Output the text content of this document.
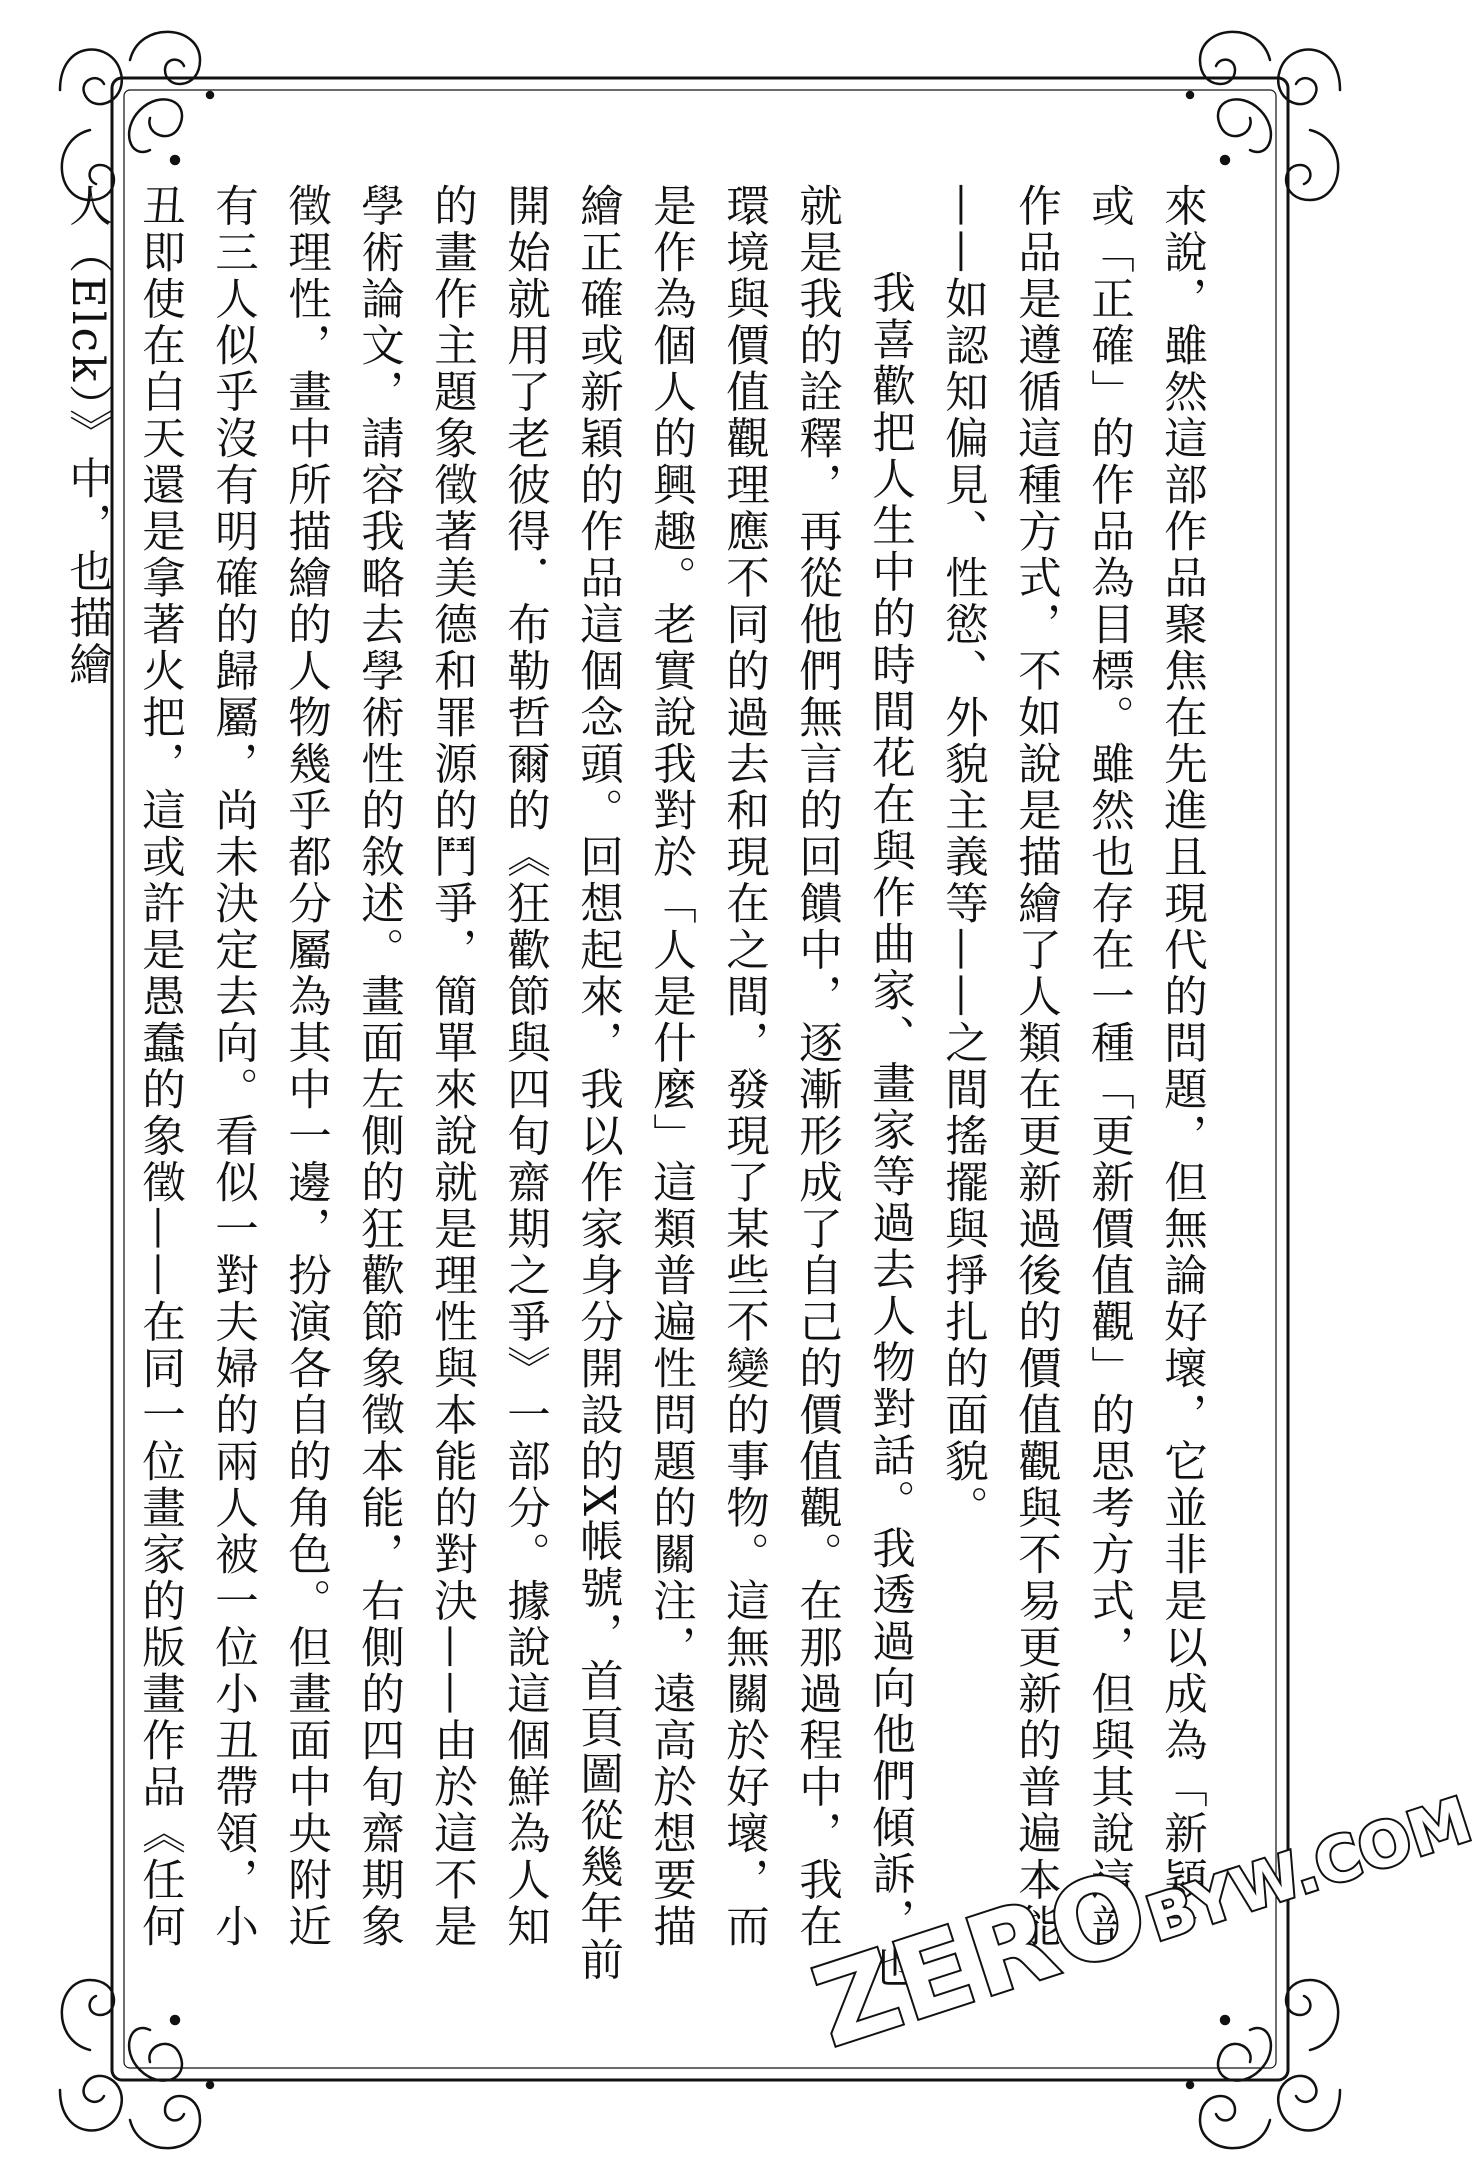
來說，雖然這部作品聚焦在先進且現代的問題，但無論好壞，它並非是以成為「新穎」或「正確」的作品為目標。雖然也存在一種「更新價值觀」的思考方式，但與其說這部作品是遵循這種方式，不如說是描繪了人類在更新過後的價值觀與不易更新的普遍本能——如認知偏見、性慾、外貌主義等——之間搖擺與掙扎的面貌。

我喜歡把人生中的時間花在與作曲家、畫家等過去人物對話。我透過向他們傾訴，也就是我的詮釋，再從他們無言的回饋中，逐漸形成了自己的價值觀。在那過程中，我在環境與價值觀理應不同的過去和現在之間，發現了某些不變的事物。這無關於好壞，而是作為個人的興趣。老實說我對於「人是什麼」這類普遍性問題的關注，遠高於想要描繪正確或新穎的作品這個念頭。回想起來，我以作家身分開設的X帳號，首頁圖從幾年前開始就用了老彼得．布勒哲爾的《狂歡節與四旬齋期之爭》一部分。據說這個鮮為人知的畫作主題象徵著美德和罪源的鬥爭，簡單來說就是理性與本能的對決——由於這不是學術論文，請容我略去學術性的敘述。畫面左側的狂歡節象徵本能，右側的四旬齋期象徵理性，畫中所描繪的人物幾乎都分屬為其中一邊，扮演各自的角色。但畫面中央附近有三人似乎沒有明確的歸屬，尚未決定去向。看似一對夫婦的兩人被一位小丑帶領，小丑即使在白天還是拿著火把，這或許是愚蠢的象徵——在同一位畫家的版畫作品《任何人（Elck）》中，也描繪

ZEROBYW.COM
